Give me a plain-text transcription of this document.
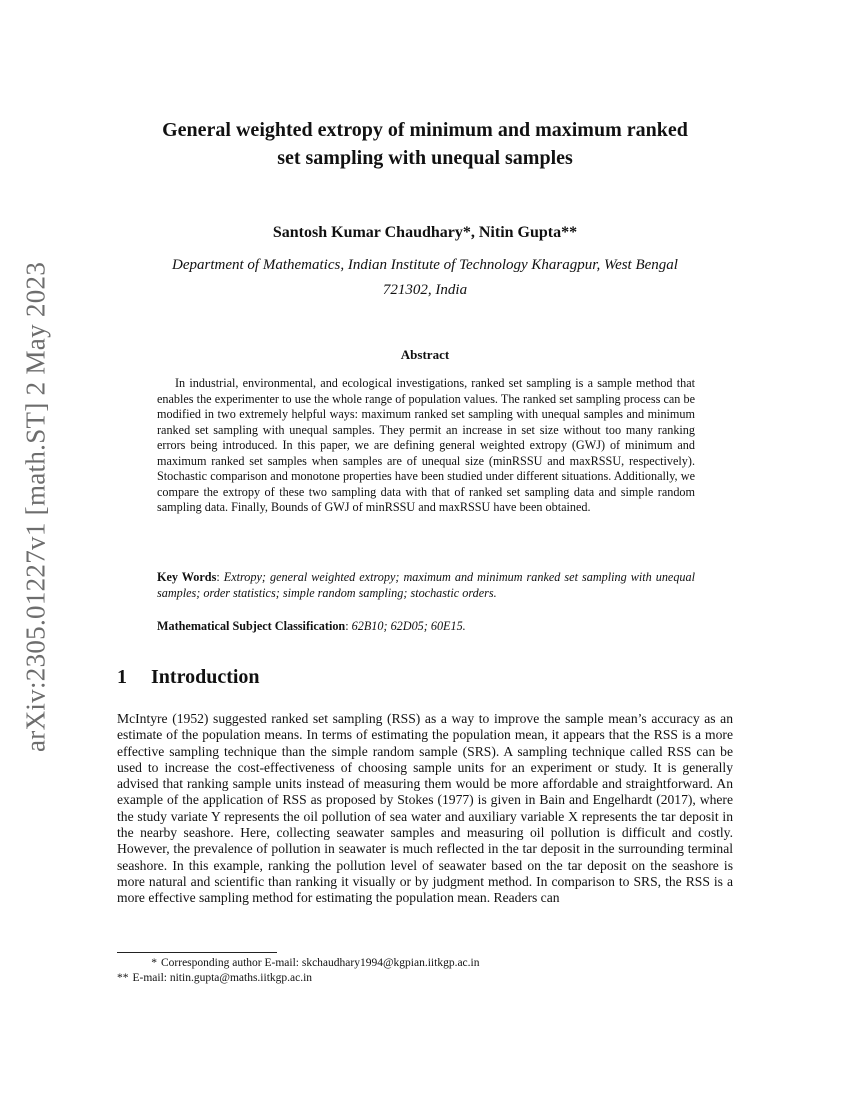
arXiv:2305.01227v1 [math.ST] 2 May 2023
General weighted extropy of minimum and maximum ranked
set sampling with unequal samples

Santosh Kumar Chaudhary*, Nitin Gupta**

Department of Mathematics, Indian Institute of Technology Kharagpur, West Bengal
721302, India

Abstract

In industrial, environmental, and ecological investigations, ranked set sampling is a sample method that enables the experimenter to use the whole range of population values. The ranked set sampling process can be modified in two extremely helpful ways: maximum ranked set sampling with unequal samples and minimum ranked set sampling with unequal samples. They permit an increase in set size without too many ranking errors being introduced. In this paper, we are defining general weighted extropy (GWJ) of minimum and maximum ranked set samples when samples are of unequal size (minRSSU and maxRSSU, respectively). Stochastic comparison and monotone properties have been studied under different situations. Additionally, we compare the extropy of these two sampling data with that of ranked set sampling data and simple random sampling data. Finally, Bounds of GWJ of minRSSU and maxRSSU have been obtained.

Key Words: Extropy; general weighted extropy; maximum and minimum ranked set sampling with unequal samples; order statistics; simple random sampling; stochastic orders.

Mathematical Subject Classification: 62B10; 62D05; 60E15.

1 Introduction

McIntyre (1952) suggested ranked set sampling (RSS) as a way to improve the sample mean’s accuracy as an estimate of the population means. In terms of estimating the population mean, it appears that the RSS is a more effective sampling technique than the simple random sample (SRS). A sampling technique called RSS can be used to increase the cost-effectiveness of choosing sample units for an experiment or study. It is generally advised that ranking sample units instead of measuring them would be more affordable and straightforward. An example of the application of RSS as proposed by Stokes (1977) is given in Bain and Engelhardt (2017), where the study variate Y represents the oil pollution of sea water and auxiliary variable X represents the tar deposit in the nearby seashore. Here, collecting seawater samples and measuring oil pollution is difficult and costly. However, the prevalence of pollution in seawater is much reflected in the tar deposit in the surrounding terminal seashore. In this example, ranking the pollution level of seawater based on the tar deposit on the seashore is more natural and scientific than ranking it visually or by judgment method. In comparison to SRS, the RSS is a more effective sampling method for estimating the population mean. Readers can

* Corresponding author E-mail: skchaudhary1994@kgpian.iitkgp.ac.in
** E-mail: nitin.gupta@maths.iitkgp.ac.in
